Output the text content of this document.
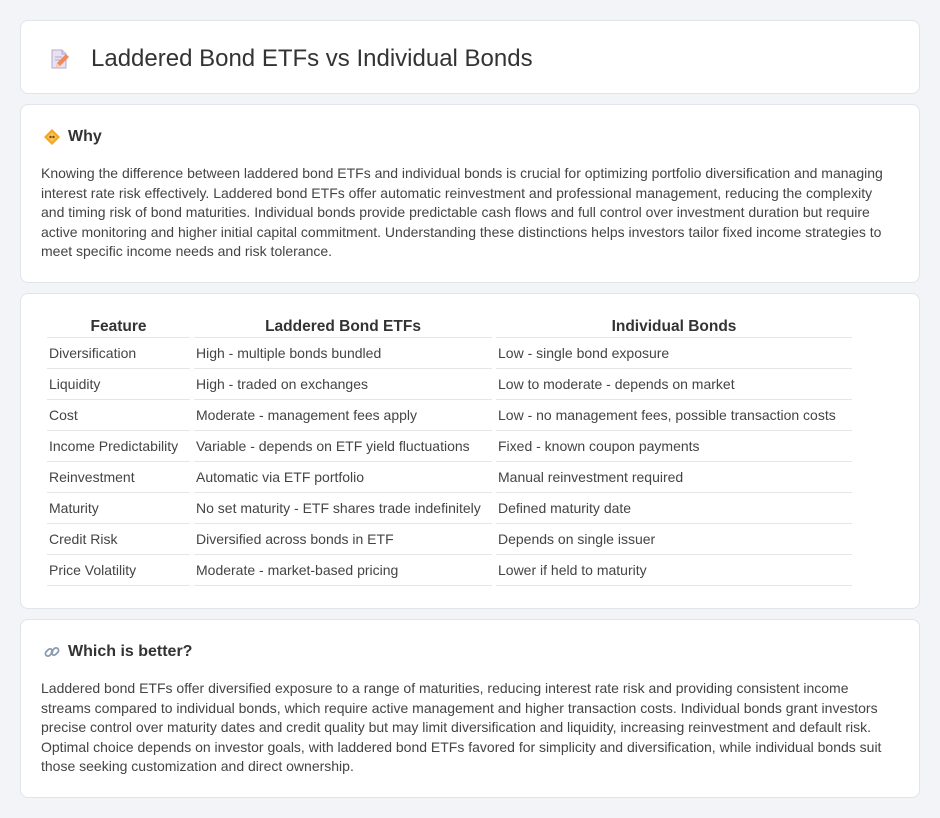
Laddered Bond ETFs vs Individual Bonds
Why
Knowing the difference between laddered bond ETFs and individual bonds is crucial for optimizing portfolio diversification and managing interest rate risk effectively. Laddered bond ETFs offer automatic reinvestment and professional management, reducing the complexity and timing risk of bond maturities. Individual bonds provide predictable cash flows and full control over investment duration but require active monitoring and higher initial capital commitment. Understanding these distinctions helps investors tailor fixed income strategies to meet specific income needs and risk tolerance.
Feature	Laddered Bond ETFs	Individual Bonds
Diversification	High - multiple bonds bundled	Low - single bond exposure
Liquidity	High - traded on exchanges	Low to moderate - depends on market
Cost	Moderate - management fees apply	Low - no management fees, possible transaction costs
Income Predictability	Variable - depends on ETF yield fluctuations	Fixed - known coupon payments
Reinvestment	Automatic via ETF portfolio	Manual reinvestment required
Maturity	No set maturity - ETF shares trade indefinitely	Defined maturity date
Credit Risk	Diversified across bonds in ETF	Depends on single issuer
Price Volatility	Moderate - market-based pricing	Lower if held to maturity
Which is better?
Laddered bond ETFs offer diversified exposure to a range of maturities, reducing interest rate risk and providing consistent income streams compared to individual bonds, which require active management and higher transaction costs. Individual bonds grant investors precise control over maturity dates and credit quality but may limit diversification and liquidity, increasing reinvestment and default risk. Optimal choice depends on investor goals, with laddered bond ETFs favored for simplicity and diversification, while individual bonds suit those seeking customization and direct ownership.
